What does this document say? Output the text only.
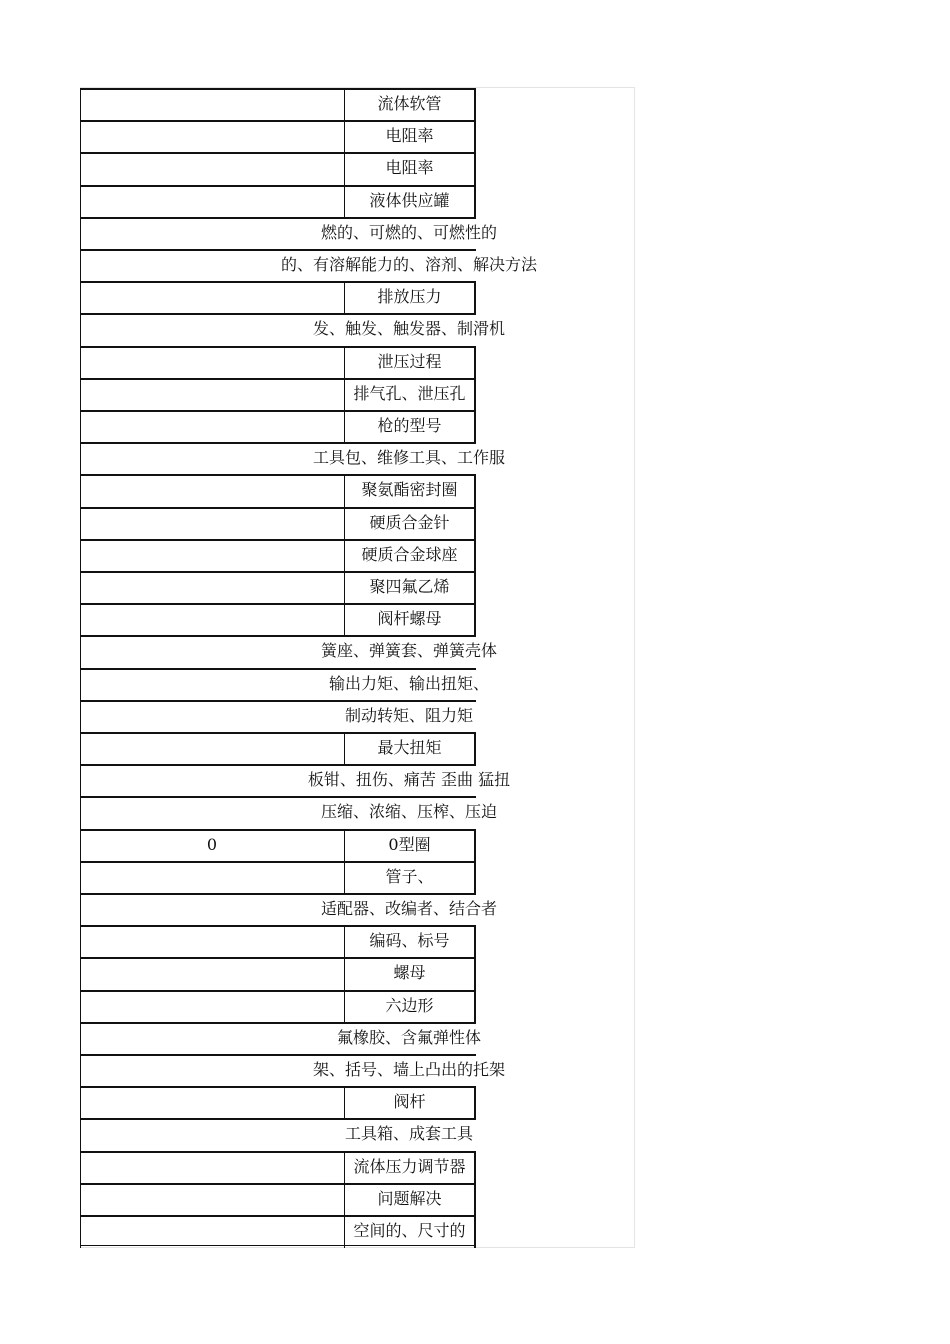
流体软管
电阻率
电阻率
液体供应罐
燃的、可燃的、可燃性的
的、有溶解能力的、溶剂、解决方法
排放压力
发、触发、触发器、制滑机
泄压过程
排气孔、泄压孔
枪的型号
工具包、维修工具、工作服
聚氨酯密封圈
硬质合金针
硬质合金球座
聚四氟乙烯
阀杆螺母
簧座、弹簧套、弹簧壳体
输出力矩、输出扭矩、
制动转矩、阻力矩
最大扭矩
板钳、扭伤、痛苦 歪曲 猛扭
压缩、浓缩、压榨、压迫
0	0型圈
管子、
适配器、改编者、结合者
编码、标号
螺母
六边形
氟橡胶、含氟弹性体
架、括号、墙上凸出的托架
阀杆
工具箱、成套工具
流体压力调节器
问题解决
空间的、尺寸的
